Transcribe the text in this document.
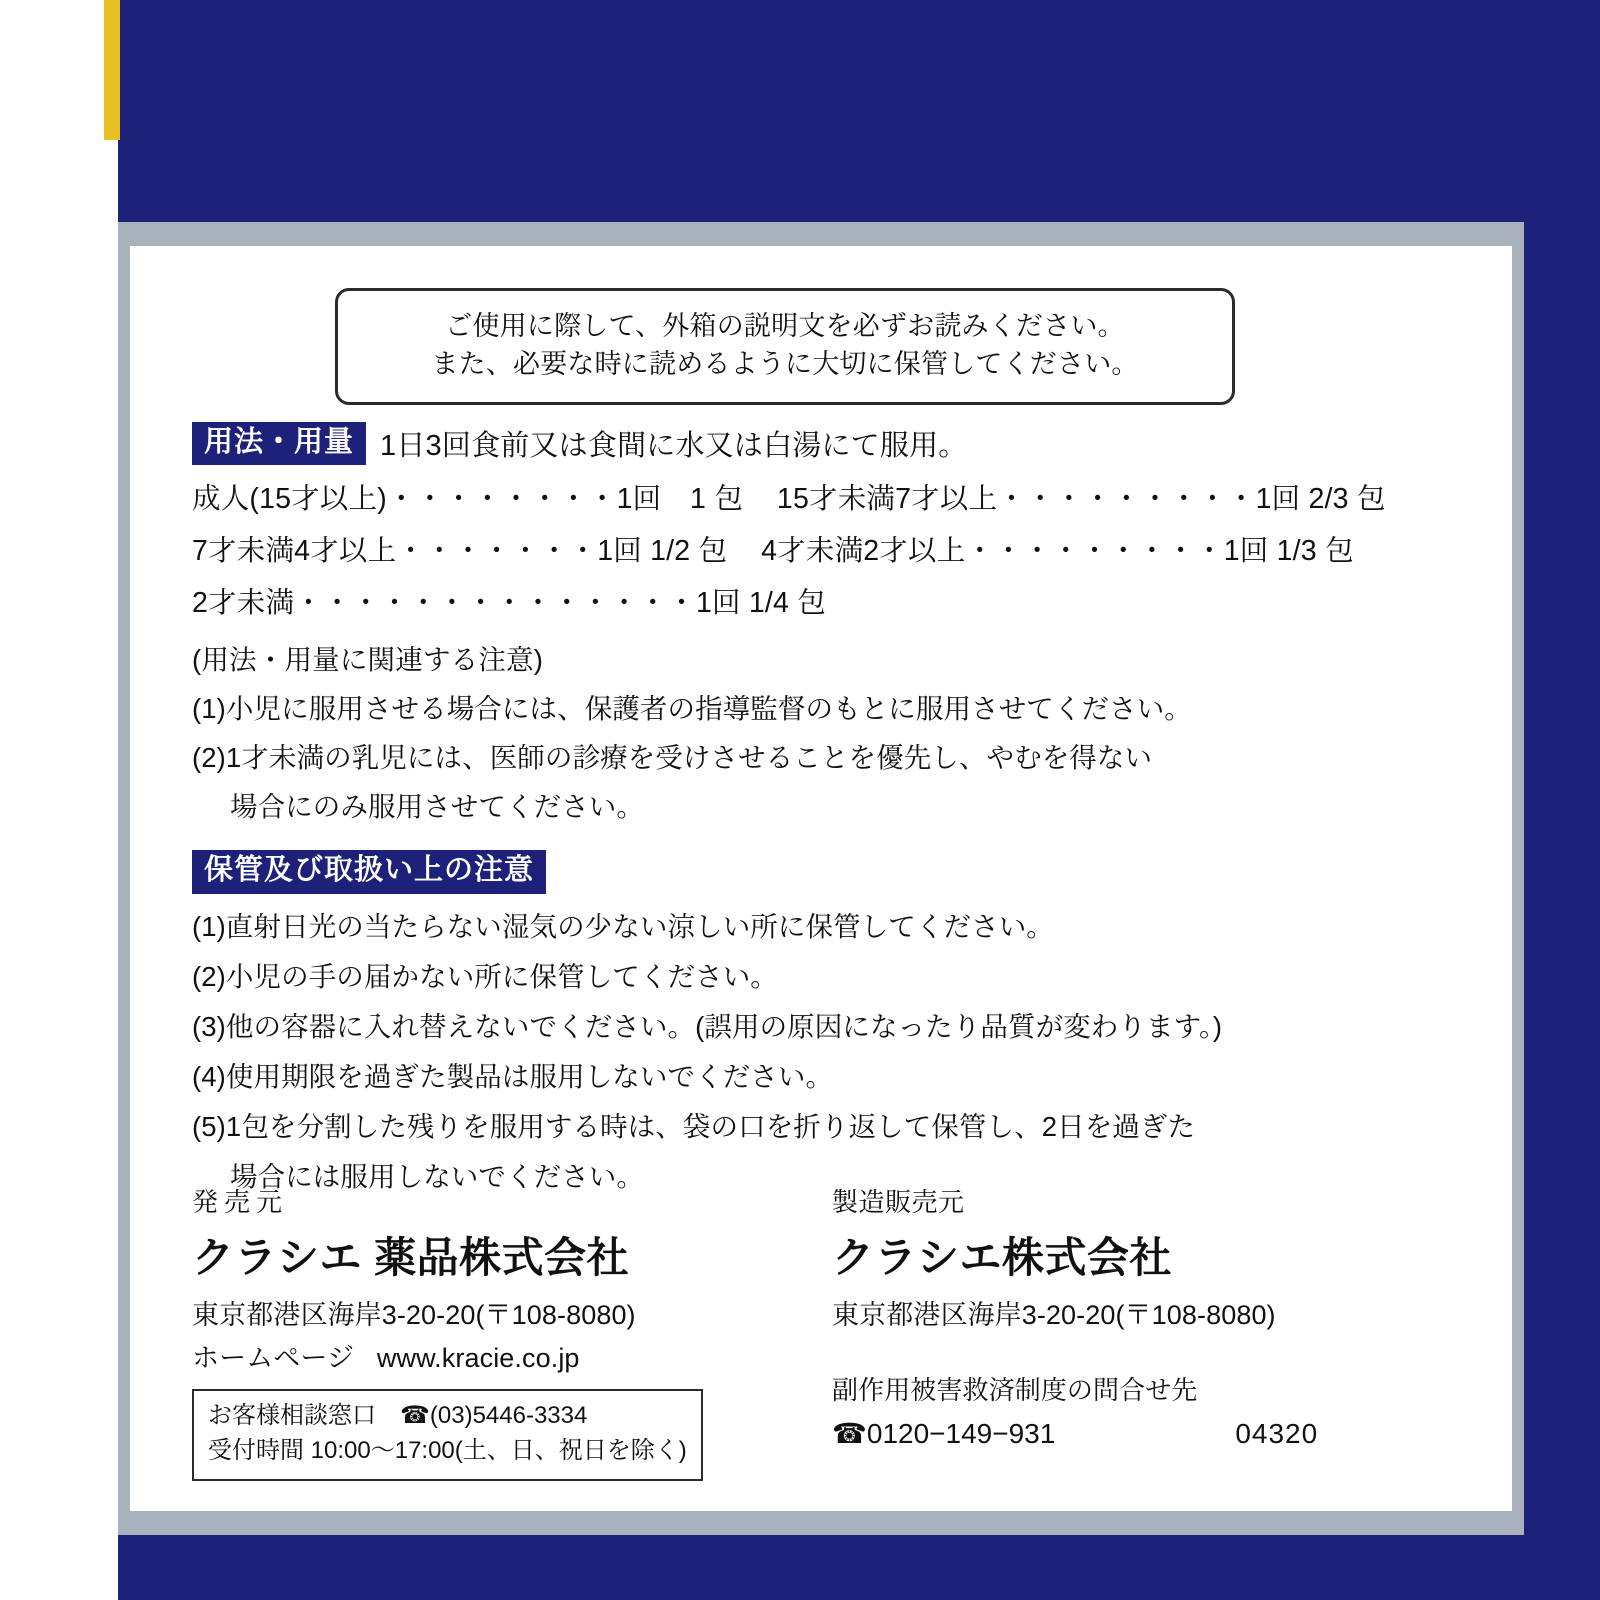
ご使用に際して、外箱の説明文を必ずお読みください。
また、必要な時に読めるように大切に保管してください。
用法・用量 1日3回食前又は食間に水又は白湯にて服用。
成人(15才以上)・・・・・・・・1回　1 包 15才未満7才以上・・・・・・・・・1回 2/3 包
7才未満4才以上・・・・・・・1回 1/2 包 4才未満2才以上・・・・・・・・・1回 1/3 包
2才未満・・・・・・・・・・・・・・1回 1/4 包
(用法・用量に関連する注意)
(1)小児に服用させる場合には、保護者の指導監督のもとに服用させてください。
(2)1才未満の乳児には、医師の診療を受けさせることを優先し、やむを得ない
場合にのみ服用させてください。
保管及び取扱い上の注意
(1)直射日光の当たらない湿気の少ない涼しい所に保管してください。
(2)小児の手の届かない所に保管してください。
(3)他の容器に入れ替えないでください。(誤用の原因になったり品質が変わります。)
(4)使用期限を過ぎた製品は服用しないでください。
(5)1包を分割した残りを服用する時は、袋の口を折り返して保管し、2日を過ぎた
場合には服用しないでください。
発売元
クラシエ 薬品株式会社
東京都港区海岸3-20-20(〒108-8080)
ホームページ www.kracie.co.jp
お客様相談窓口　☎(03)5446-3334
受付時間 10:00〜17:00(土、日、祝日を除く)
製造販売元
クラシエ株式会社
東京都港区海岸3-20-20(〒108-8080)
副作用被害救済制度の問合せ先
☎0120−149−931	04320
